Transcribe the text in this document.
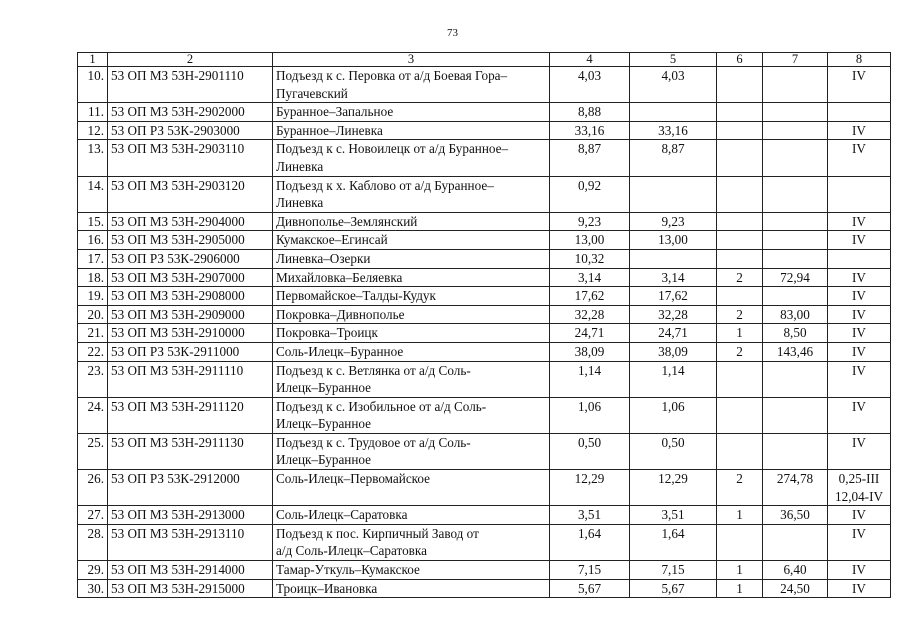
73
1	2	3	4	5	6	7	8
10.	53 ОП МЗ 53Н-2901110	Подъезд к с. Перовка от а/д Боевая Гора–
Пугачевский	4,03	4,03			IV
11.	53 ОП МЗ 53Н-2902000	Буранное–Запальное	8,88				
12.	53 ОП РЗ 53К-2903000	Буранное–Линевка	33,16	33,16			IV
13.	53 ОП МЗ 53Н-2903110	Подъезд к с. Новоилецк от а/д Буранное–
Линевка	8,87	8,87			IV
14.	53 ОП МЗ 53Н-2903120	Подъезд к х. Каблово от а/д Буранное–
Линевка	0,92				
15.	53 ОП МЗ 53Н-2904000	Дивнополье–Землянский	9,23	9,23			IV
16.	53 ОП МЗ 53Н-2905000	Кумакское–Егинсай	13,00	13,00			IV
17.	53 ОП РЗ 53К-2906000	Линевка–Озерки	10,32				
18.	53 ОП МЗ 53Н-2907000	Михайловка–Беляевка	3,14	3,14	2	72,94	IV
19.	53 ОП МЗ 53Н-2908000	Первомайское–Талды-Кудук	17,62	17,62			IV
20.	53 ОП МЗ 53Н-2909000	Покровка–Дивнополье	32,28	32,28	2	83,00	IV
21.	53 ОП МЗ 53Н-2910000	Покровка–Троицк	24,71	24,71	1	8,50	IV
22.	53 ОП РЗ 53К-2911000	Соль-Илецк–Буранное	38,09	38,09	2	143,46	IV
23.	53 ОП МЗ 53Н-2911110	Подъезд к с. Ветлянка от а/д Соль-
Илецк–Буранное	1,14	1,14			IV
24.	53 ОП МЗ 53Н-2911120	Подъезд к с. Изобильное от а/д Соль-
Илецк–Буранное	1,06	1,06			IV
25.	53 ОП МЗ 53Н-2911130	Подъезд к с. Трудовое от а/д Соль-
Илецк–Буранное	0,50	0,50			IV
26.	53 ОП РЗ 53К-2912000	Соль-Илецк–Первомайское	12,29	12,29	2	274,78	0,25-III
12,04-IV
27.	53 ОП МЗ 53Н-2913000	Соль-Илецк–Саратовка	3,51	3,51	1	36,50	IV
28.	53 ОП МЗ 53Н-2913110	Подъезд к пос. Кирпичный Завод от
а/д Соль-Илецк–Саратовка	1,64	1,64			IV
29.	53 ОП МЗ 53Н-2914000	Тамар-Уткуль–Кумакское	7,15	7,15	1	6,40	IV
30.	53 ОП МЗ 53Н-2915000	Троицк–Ивановка	5,67	5,67	1	24,50	IV
